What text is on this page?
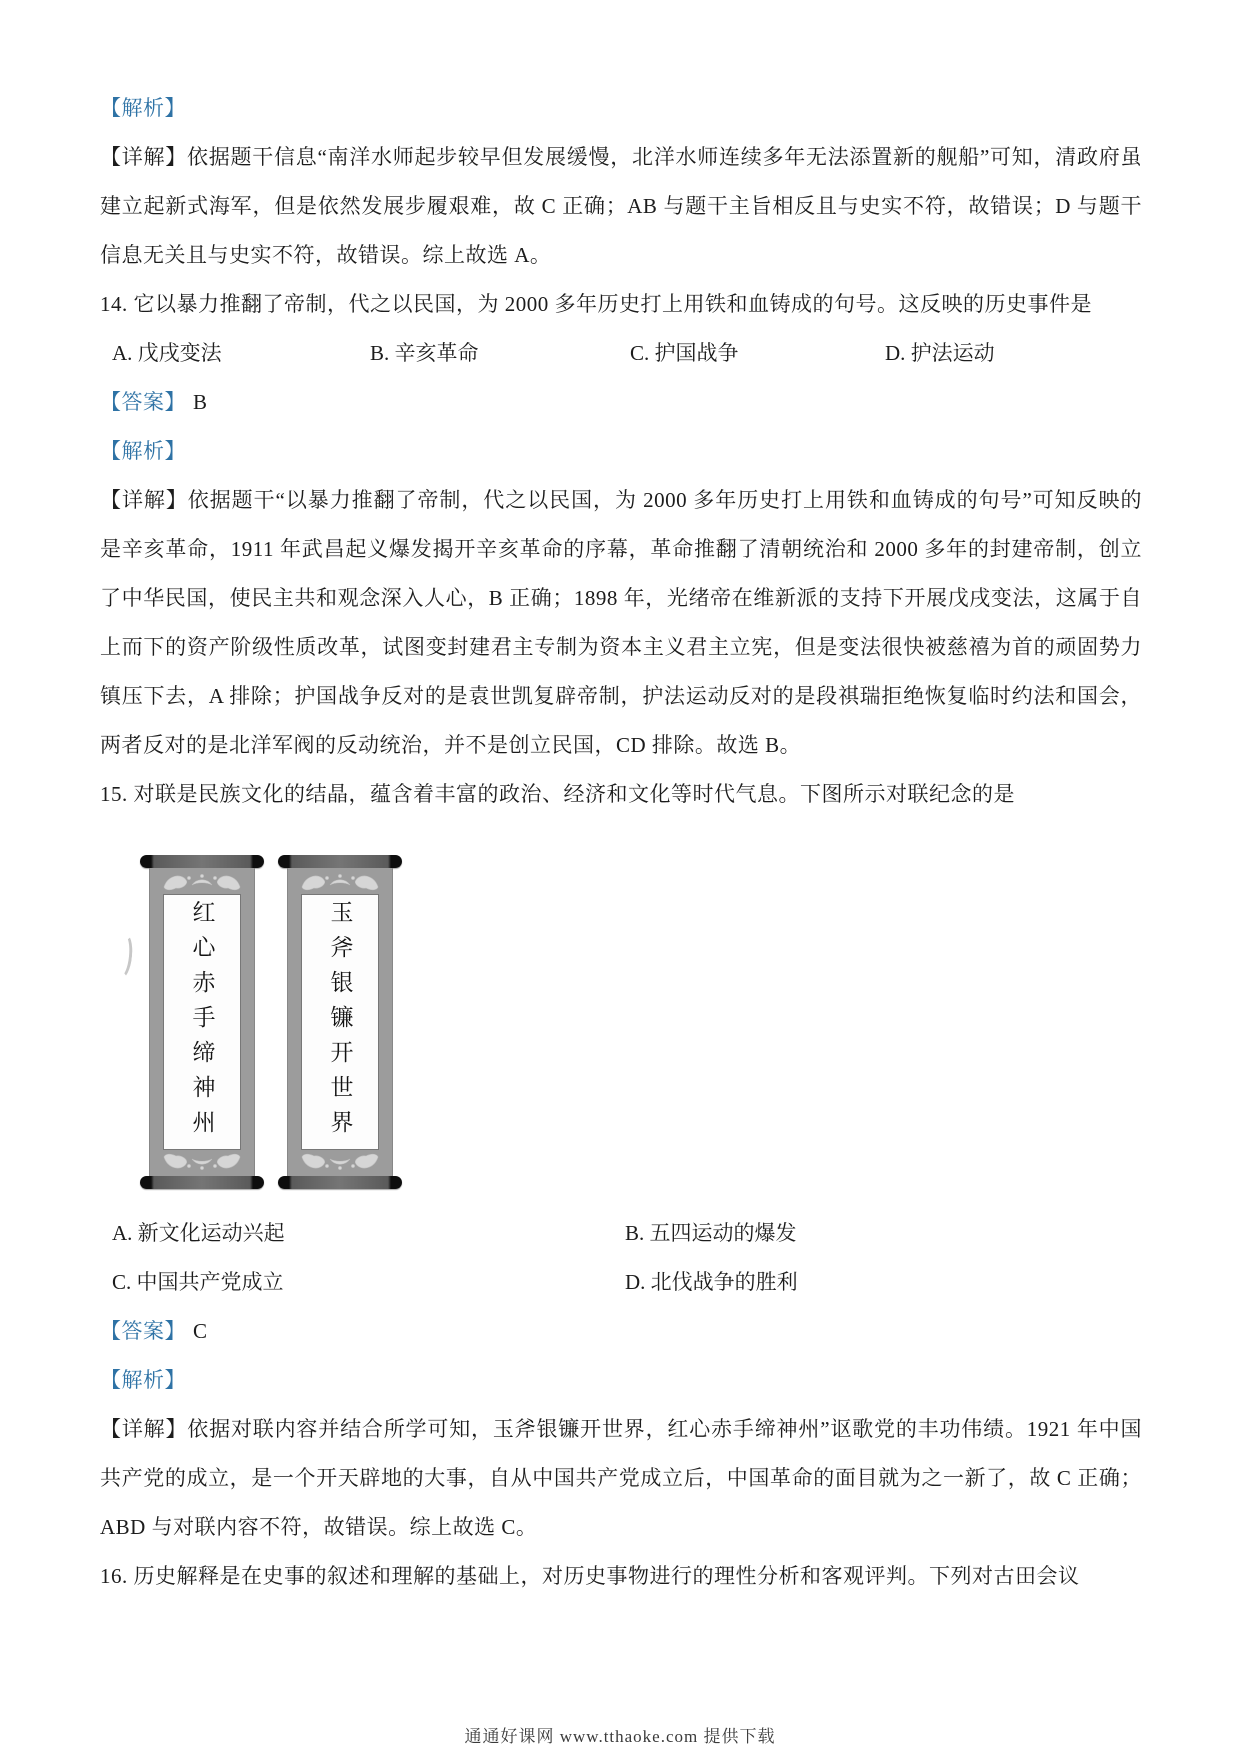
【解析】

【详解】依据题干信息“南洋水师起步较早但发展缓慢，北洋水师连续多年无法添置新的舰船”可知，清政府虽建立起新式海军，但是依然发展步履艰难，故 C 正确；AB 与题干主旨相反且与史实不符，故错误；D 与题干信息无关且与史实不符，故错误。综上故选 A。

14. 它以暴力推翻了帝制，代之以民国，为 2000 多年历史打上用铁和血铸成的句号。这反映的历史事件是

A. 戊戌变法	B. 辛亥革命	C. 护国战争	D. 护法运动

【答案】 B

【解析】

【详解】依据题干“以暴力推翻了帝制，代之以民国，为 2000 多年历史打上用铁和血铸成的句号”可知反映的是辛亥革命，1911 年武昌起义爆发揭开辛亥革命的序幕，革命推翻了清朝统治和 2000 多年的封建帝制，创立了中华民国，使民主共和观念深入人心，B 正确；1898 年，光绪帝在维新派的支持下开展戊戌变法，这属于自上而下的资产阶级性质改革，试图变封建君主专制为资本主义君主立宪，但是变法很快被慈禧为首的顽固势力镇压下去，A 排除；护国战争反对的是袁世凯复辟帝制，护法运动反对的是段祺瑞拒绝恢复临时约法和国会，两者反对的是北洋军阀的反动统治，并不是创立民国，CD 排除。故选 B。

15. 对联是民族文化的结晶，蕴含着丰富的政治、经济和文化等时代气息。下图所示对联纪念的是

红心赤手缔神州	玉斧银镰开世界
A. 新文化运动兴起	B. 五四运动的爆发
C. 中国共产党成立	D. 北伐战争的胜利

【答案】 C

【解析】

【详解】依据对联内容并结合所学可知，玉斧银镰开世界，红心赤手缔神州”讴歌党的丰功伟绩。1921 年中国共产党的成立，是一个开天辟地的大事，自从中国共产党成立后，中国革命的面目就为之一新了，故 C 正确；ABD 与对联内容不符，故错误。综上故选 C。

16. 历史解释是在史事的叙述和理解的基础上，对历史事物进行的理性分析和客观评判。下列对古田会议

通通好课网 www.tthaoke.com 提供下载
